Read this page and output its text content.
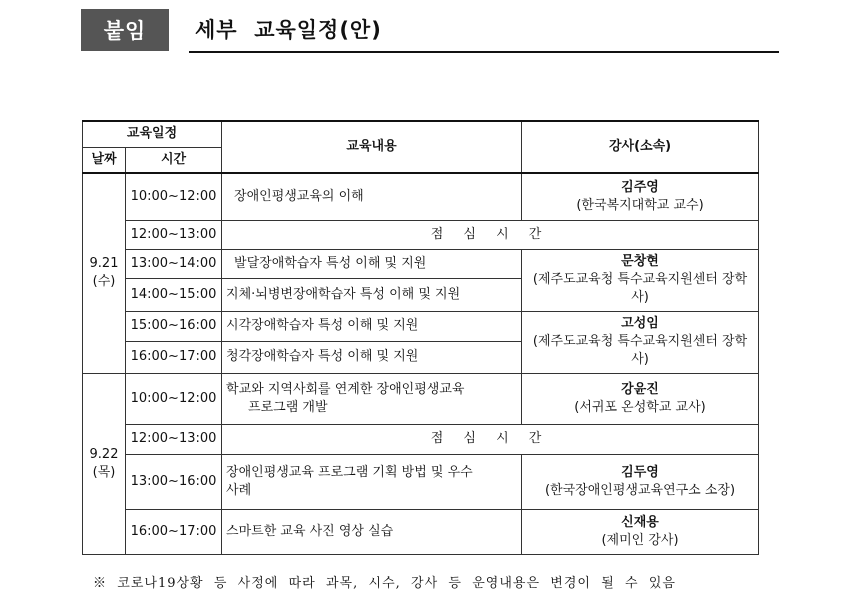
붙임	세부  교육일정(안)
교육일정		교육내용	강사(소속)
날짜	시간		

9.21
(수)	10:00~12:00	장애인평생교육의 이해	김주영
(한국복지대학교 교수)

	12:00~13:00	점 심 시 간	
	13:00~14:00	발달장애학습자 특성 이해 및 지원	문창현
(제주도교육청 특수교육지원센터 장학사)

	14:00~15:00	지체·뇌병변장애학습자 특성 이해 및 지원	
	15:00~16:00	시각장애학습자 특성 이해 및 지원	고성임
(제주도교육청 특수교육지원센터 장학사)

	16:00~17:00	청각장애학습자 특성 이해 및 지원	

9.22
(목)	10:00~12:00	학교와 지역사회를 연계한 장애인평생교육
프로그램 개발	강윤진
(서귀포 온성학교 교사)

	12:00~13:00	점 심 시 간	
	13:00~16:00	장애인평생교육 프로그램 기획 방법 및 우수
사례	김두영
(한국장애인평생교육연구소 소장)

	16:00~17:00	스마트한 교육 사진 영상 실습	신재용
(제미인 강사)
※  코로나19상황  등  사정에  따라  과목,  시수,  강사  등  운영내용은  변경이  될  수  있음
